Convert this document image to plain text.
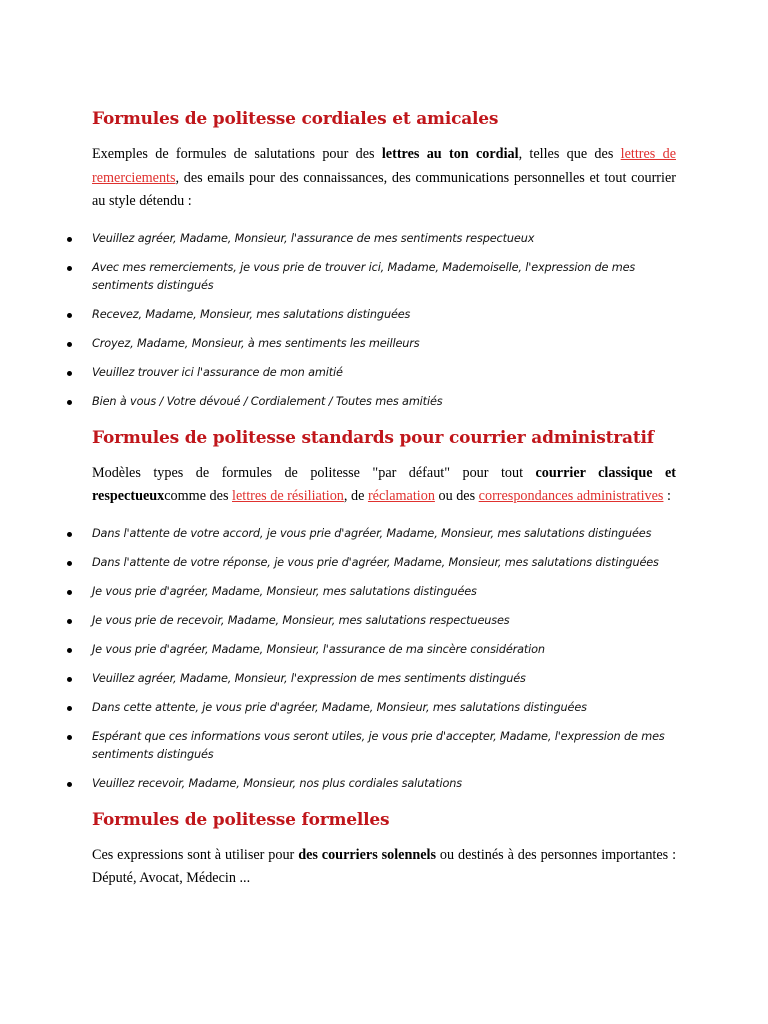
Formules de politesse cordiales et amicales

Exemples de formules de salutations pour des lettres au ton cordial, telles que des lettres de remerciements, des emails pour des connaissances, des communications personnelles et tout courrier au style détendu :

Veuillez agréer, Madame, Monsieur, l'assurance de mes sentiments respectueux
Avec mes remerciements, je vous prie de trouver ici, Madame, Mademoiselle, l'expression de mes sentiments distingués
Recevez, Madame, Monsieur, mes salutations distinguées
Croyez, Madame, Monsieur, à mes sentiments les meilleurs
Veuillez trouver ici l'assurance de mon amitié
Bien à vous / Votre dévoué / Cordialement / Toutes mes amitiés
Formules de politesse standards pour courrier administratif

Modèles types de formules de politesse "par défaut" pour tout courrier classique et respectueuxcomme des lettres de résiliation, de réclamation ou des correspondances administratives :

Dans l'attente de votre accord, je vous prie d'agréer, Madame, Monsieur, mes salutations distinguées
Dans l'attente de votre réponse, je vous prie d'agréer, Madame, Monsieur, mes salutations distinguées
Je vous prie d'agréer, Madame, Monsieur, mes salutations distinguées
Je vous prie de recevoir, Madame, Monsieur, mes salutations respectueuses
Je vous prie d'agréer, Madame, Monsieur, l'assurance de ma sincère considération
Veuillez agréer, Madame, Monsieur, l'expression de mes sentiments distingués
Dans cette attente, je vous prie d'agréer, Madame, Monsieur, mes salutations distinguées
Espérant que ces informations vous seront utiles, je vous prie d'accepter, Madame, l'expression de mes sentiments distingués
Veuillez recevoir, Madame, Monsieur, nos plus cordiales salutations
Formules de politesse formelles

Ces expressions sont à utiliser pour des courriers solennels ou destinés à des personnes importantes : Député, Avocat, Médecin ...
